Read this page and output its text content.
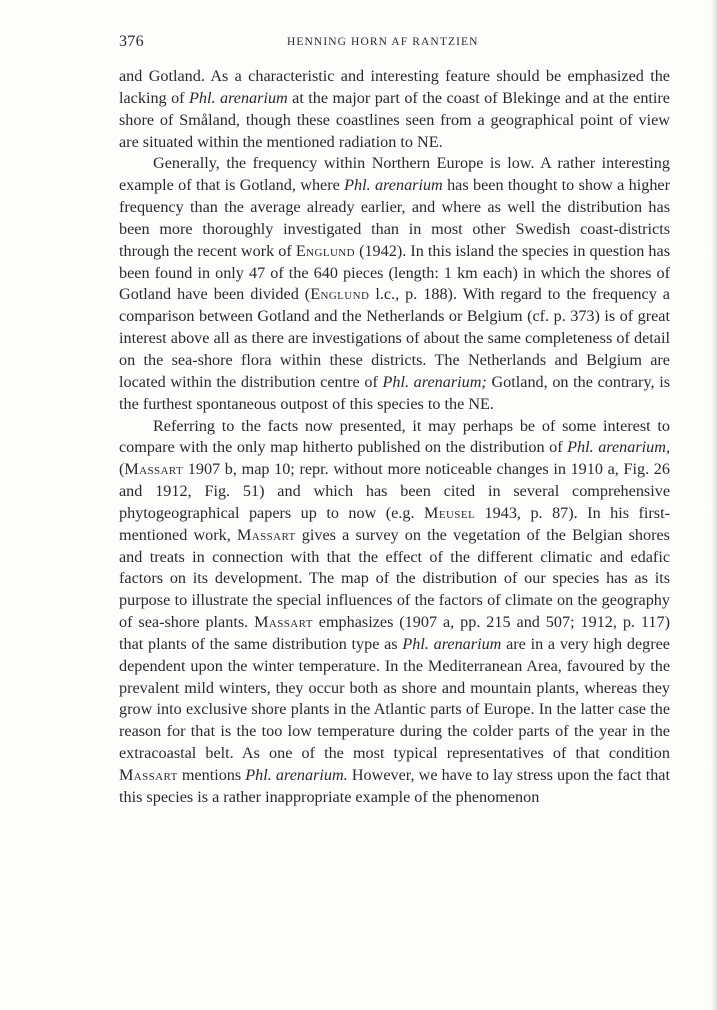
376	HENNING HORN AF RANTZIEN

and Gotland. As a characteristic and interesting feature should be emphasized the lacking of Phl. arenarium at the major part of the coast of Blekinge and at the entire shore of Småland, though these coastlines seen from a geographical point of view are situated within the mentioned radiation to NE.

Generally, the frequency within Northern Europe is low. A rather interesting example of that is Gotland, where Phl. arenarium has been thought to show a higher frequency than the average already earlier, and where as well the distribution has been more thoroughly investigated than in most other Swedish coast-districts through the recent work of Englund (1942). In this island the species in question has been found in only 47 of the 640 pieces (length: 1 km each) in which the shores of Gotland have been divided (Englund l.c., p. 188). With regard to the frequency a comparison between Gotland and the Netherlands or Belgium (cf. p. 373) is of great interest above all as there are investigations of about the same completeness of detail on the sea-shore flora within these districts. The Netherlands and Belgium are located within the distribution centre of Phl. arenarium; Gotland, on the contrary, is the furthest spontaneous outpost of this species to the NE.

Referring to the facts now presented, it may perhaps be of some interest to compare with the only map hitherto published on the distribution of Phl. arenarium, (Massart 1907 b, map 10; repr. without more noticeable changes in 1910 a, Fig. 26 and 1912, Fig. 51) and which has been cited in several comprehensive phytogeographical papers up to now (e.g. Meusel 1943, p. 87). In his first-mentioned work, Massart gives a survey on the vegetation of the Belgian shores and treats in connection with that the effect of the different climatic and edafic factors on its development. The map of the distribution of our species has as its purpose to illustrate the special influences of the factors of climate on the geography of sea-shore plants. Massart emphasizes (1907 a, pp. 215 and 507; 1912, p. 117) that plants of the same distribution type as Phl. arenarium are in a very high degree dependent upon the winter temperature. In the Mediterranean Area, favoured by the prevalent mild winters, they occur both as shore and mountain plants, whereas they grow into exclusive shore plants in the Atlantic parts of Europe. In the latter case the reason for that is the too low temperature during the colder parts of the year in the extracoastal belt. As one of the most typical representatives of that condition Massart mentions Phl. arenarium. However, we have to lay stress upon the fact that this species is a rather inappropriate example of the phenomenon
